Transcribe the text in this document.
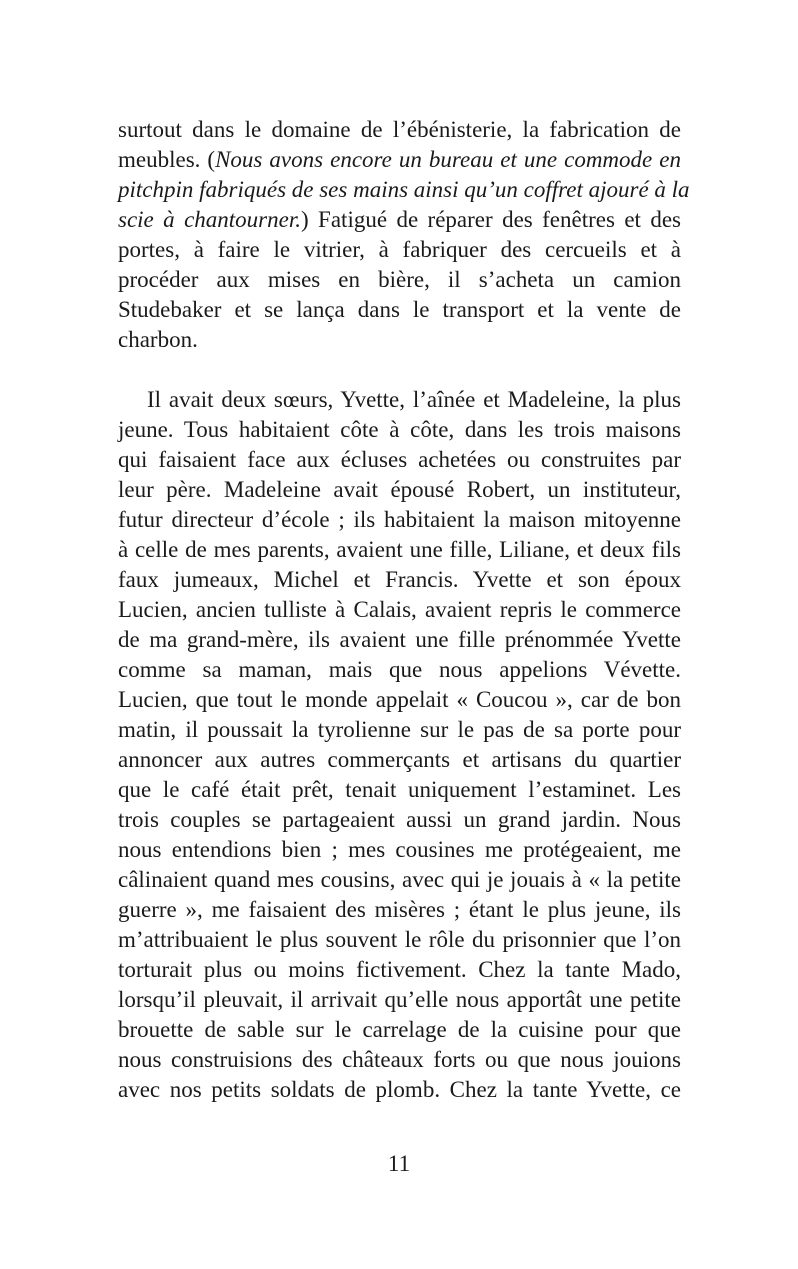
surtout dans le domaine de l’ébénisterie, la fabrication de
meubles. (Nous avons encore un bureau et une commode en
pitchpin fabriqués de ses mains ainsi qu’un coffret ajouré à la
scie à chantourner.) Fatigué de réparer des fenêtres et des
portes, à faire le vitrier, à fabriquer des cercueils et à
procéder aux mises en bière, il s’acheta un camion
Studebaker et se lança dans le transport et la vente de
charbon.
Il avait deux sœurs, Yvette, l’aînée et Madeleine, la plus
jeune. Tous habitaient côte à côte, dans les trois maisons
qui faisaient face aux écluses achetées ou construites par
leur père. Madeleine avait épousé Robert, un instituteur,
futur directeur d’école ; ils habitaient la maison mitoyenne
à celle de mes parents, avaient une fille, Liliane, et deux fils
faux jumeaux, Michel et Francis. Yvette et son époux
Lucien, ancien tulliste à Calais, avaient repris le commerce
de ma grand-mère, ils avaient une fille prénommée Yvette
comme sa maman, mais que nous appelions Vévette.
Lucien, que tout le monde appelait « Coucou », car de bon
matin, il poussait la tyrolienne sur le pas de sa porte pour
annoncer aux autres commerçants et artisans du quartier
que le café était prêt, tenait uniquement l’estaminet. Les
trois couples se partageaient aussi un grand jardin. Nous
nous entendions bien ; mes cousines me protégeaient, me
câlinaient quand mes cousins, avec qui je jouais à « la petite
guerre », me faisaient des misères ; étant le plus jeune, ils
m’attribuaient le plus souvent le rôle du prisonnier que l’on
torturait plus ou moins fictivement. Chez la tante Mado,
lorsqu’il pleuvait, il arrivait qu’elle nous apportât une petite
brouette de sable sur le carrelage de la cuisine pour que
nous construisions des châteaux forts ou que nous jouions
avec nos petits soldats de plomb. Chez la tante Yvette, ce
11
